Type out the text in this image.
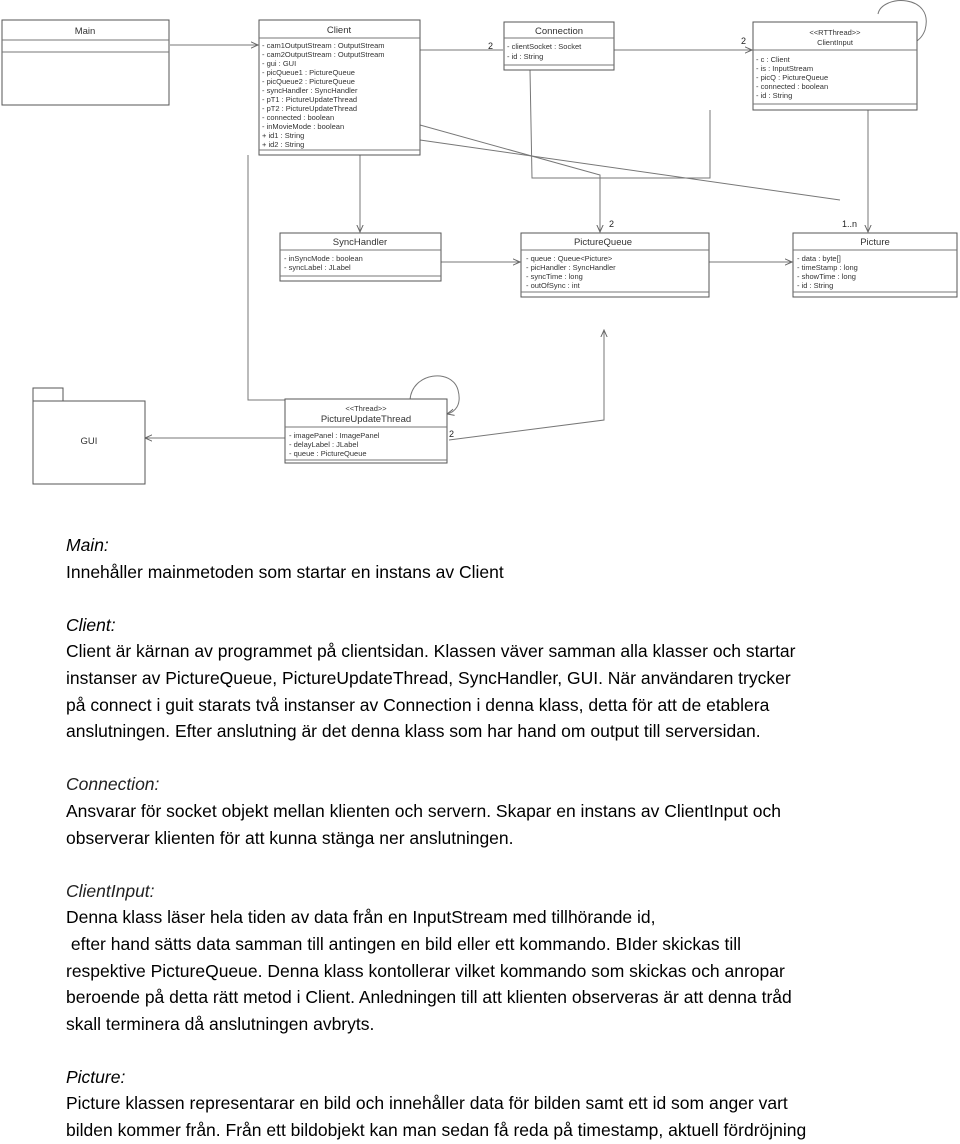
2	2
2	1..n
2
Main	Client
- cam1OutputStream : OutputStream
- cam2OutputStream : OutputStream
- gui : GUI
- picQueue1 : PictureQueue
- picQueue2 : PictureQueue
- syncHandler : SyncHandler
- pT1 : PictureUpdateThread
- pT2 : PictureUpdateThread
- connected : boolean
- inMovieMode : boolean
+ id1 : String
+ id2 : String
Connection
- clientSocket : Socket
- id : String
<<RTThread>>
ClientInput
- c : Client
- is : InputStream
- picQ : PictureQueue
- connected : boolean
- id : String
SyncHandler
- inSyncMode : boolean
- syncLabel : JLabel
PictureQueue
- queue : Queue<Picture>
- picHandler : SyncHandler
- syncTime : long
- outOfSync : int
Picture
- data : byte[]
- timeStamp : long
- showTime : long
- id : String
GUI
<<Thread>>
PictureUpdateThread
- imagePanel : ImagePanel
- delayLabel : JLabel
- queue : PictureQueue

Main:

Innehåller mainmetoden som startar en instans av Client

Client:

Client är kärnan av programmet på clientsidan. Klassen väver samman alla klasser och startar

instanser av PictureQueue, PictureUpdateThread, SyncHandler, GUI. När användaren trycker

på connect i guit starats två instanser av Connection i denna klass, detta för att de etablera

anslutningen. Efter anslutning är det denna klass som har hand om output till serversidan.

Connection:

Ansvarar för socket objekt mellan klienten och servern. Skapar en instans av ClientInput och

observerar klienten för att kunna stänga ner anslutningen.

ClientInput:

Denna klass läser hela tiden av data från en InputStream med tillhörande id,

efter hand sätts data samman till antingen en bild eller ett kommando. BIder skickas till

respektive PictureQueue. Denna klass kontollerar vilket kommando som skickas och anropar

beroende på detta rätt metod i Client. Anledningen till att klienten observeras är att denna tråd

skall terminera då anslutningen avbryts.

Picture:

Picture klassen representarar en bild och innehåller data för bilden samt ett id som anger vart

bilden kommer från. Från ett bildobjekt kan man sedan få reda på timestamp, aktuell fördröjning
